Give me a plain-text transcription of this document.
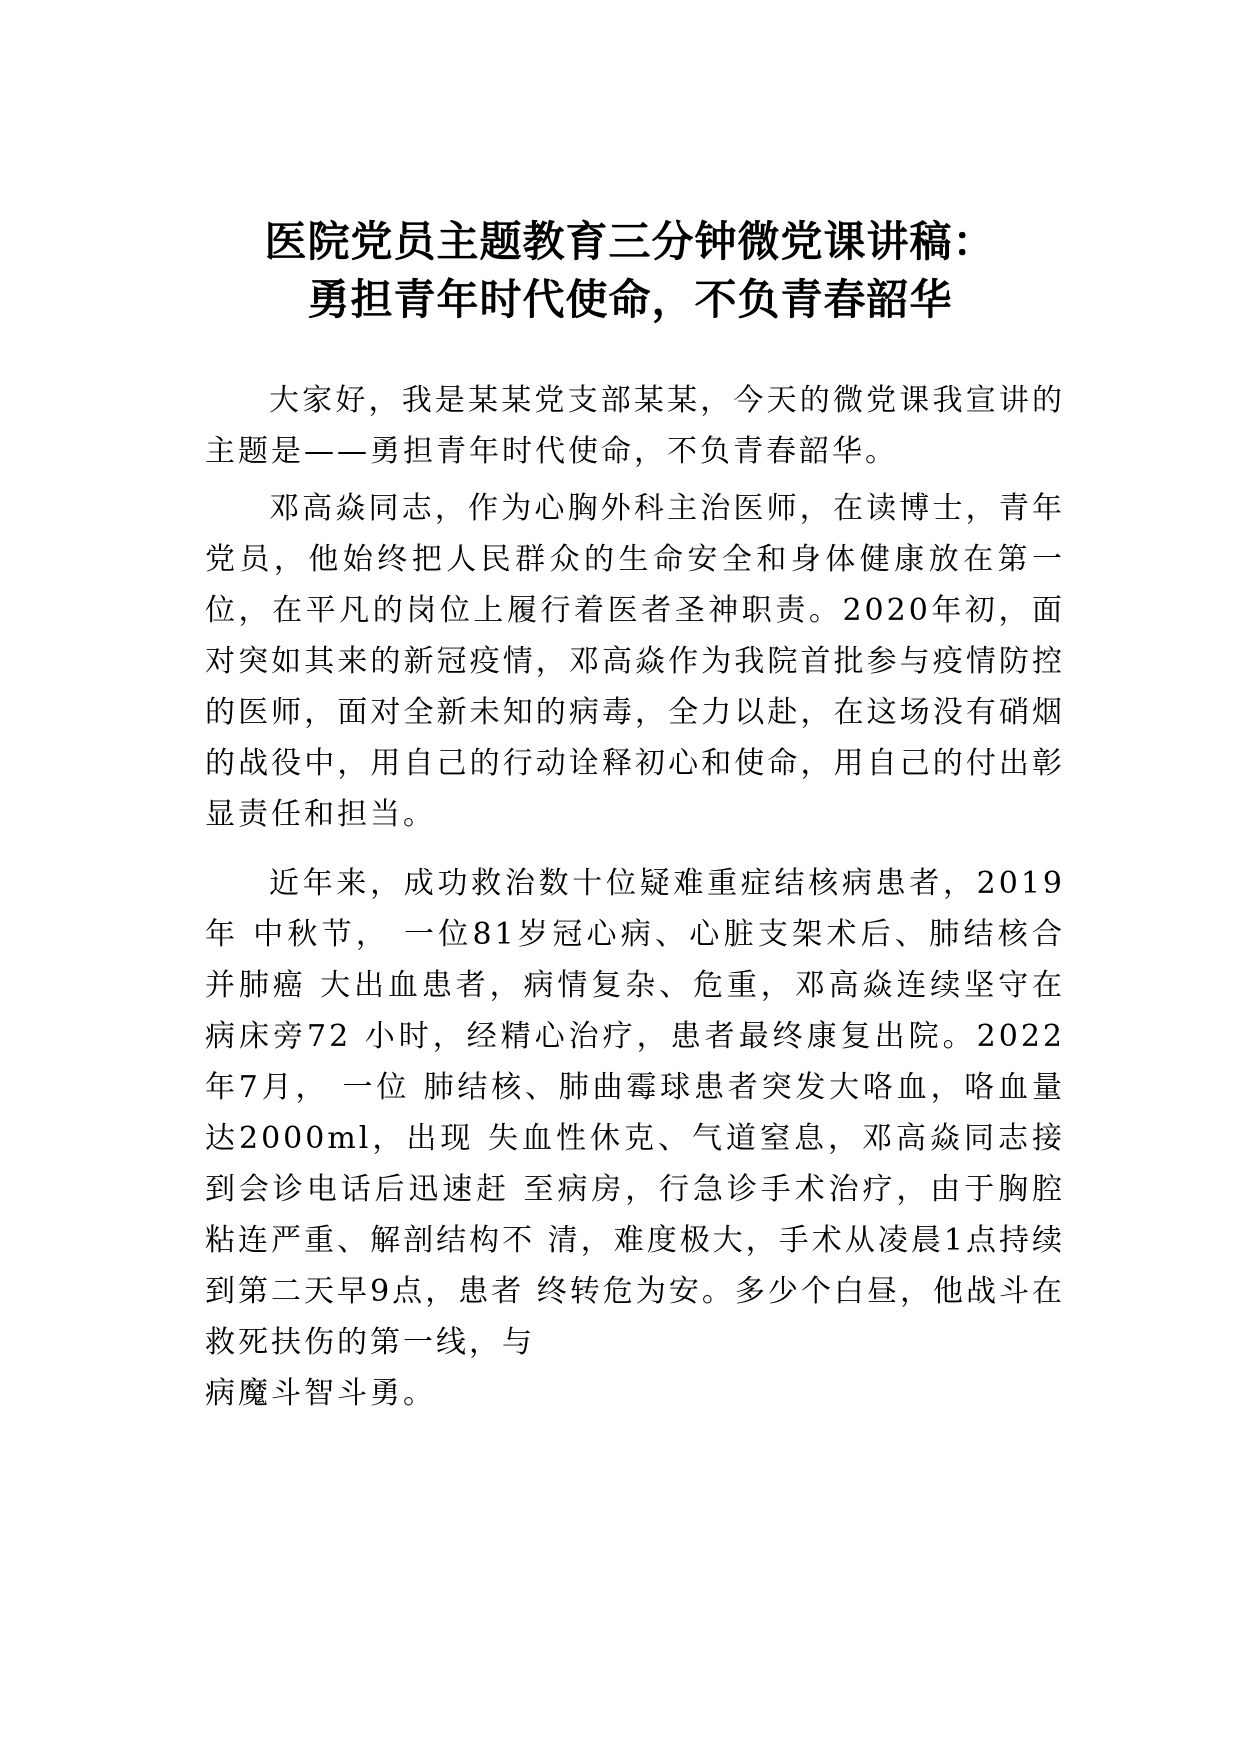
医院党员主题教育三分钟微党课讲稿：
勇担青年时代使命，不负青春韶华

大家好，我是某某党支部某某，今天的微党课我宣讲的主题是——勇担青年时代使命，不负青春韶华。

邓高焱同志，作为心胸外科主治医师，在读博士，青年党员，他始终把人民群众的生命安全和身体健康放在第一位，在平凡的岗位上履行着医者圣神职责。2020年初，面对突如其来的新冠疫情，邓高焱作为我院首批参与疫情防控的医师，面对全新未知的病毒，全力以赴，在这场没有硝烟的战役中，用自己的行动诠释初心和使命，用自己的付出彰显责任和担当。

近年来，成功救治数十位疑难重症结核病患者，2019年 中秋节， 一位81岁冠心病、心脏支架术后、肺结核合并肺癌 大出血患者，病情复杂、危重，邓高焱连续坚守在病床旁72 小时，经精心治疗，患者最终康复出院。2022年7月， 一位 肺结核、肺曲霉球患者突发大咯血，咯血量达2000ml，出现 失血性休克、气道窒息，邓高焱同志接到会诊电话后迅速赶 至病房，行急诊手术治疗，由于胸腔粘连严重、解剖结构不 清，难度极大，手术从凌晨1点持续到第二天早9点，患者 终转危为安。多少个白昼，他战斗在救死扶伤的第一线，与

病魔斗智斗勇。
